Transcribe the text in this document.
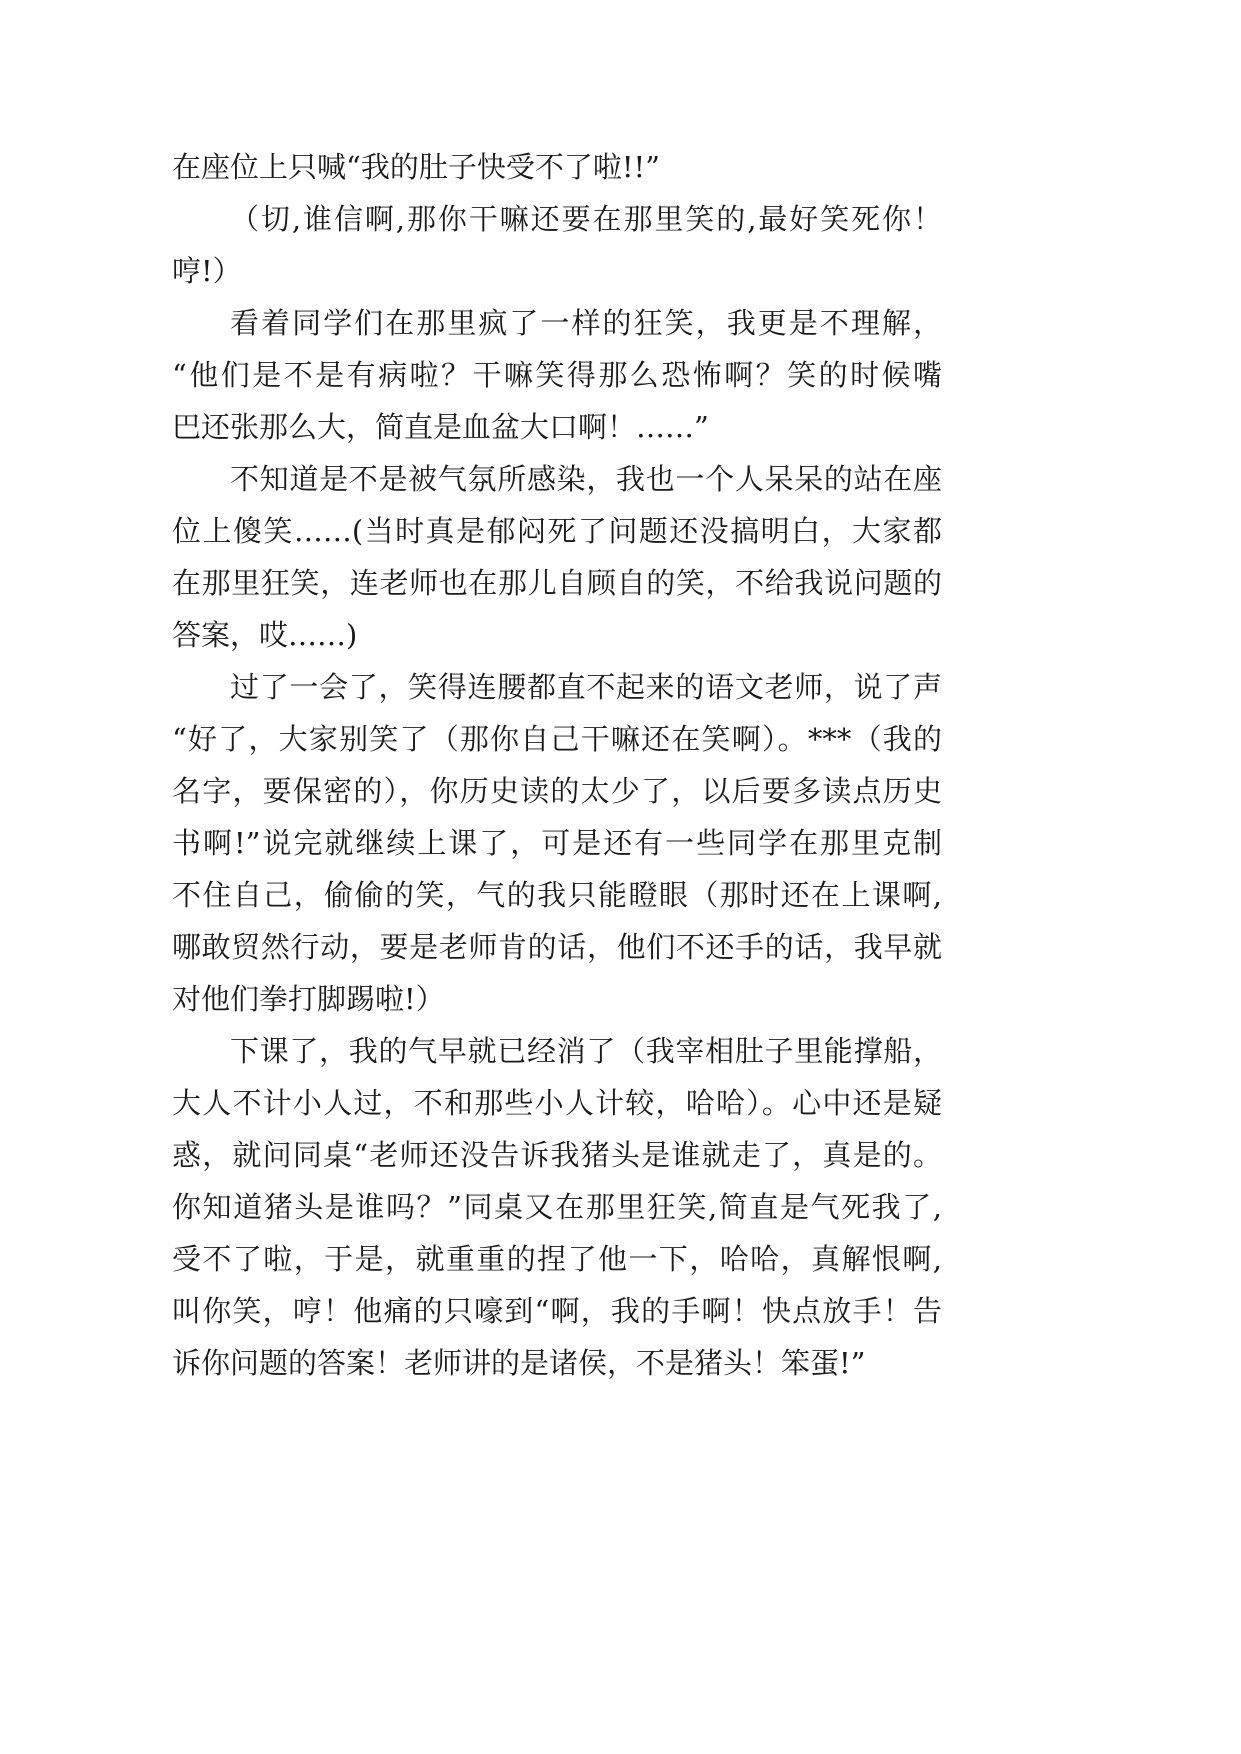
在座位上只喊“我的肚子快受不了啦!!”
（切,谁信啊,那你干嘛还要在那里笑的,最好笑死你！
哼!）
看着同学们在那里疯了一样的狂笑，我更是不理解，
“他们是不是有病啦？干嘛笑得那么恐怖啊？笑的时候嘴
巴还张那么大，简直是血盆大口啊！……”
不知道是不是被气氛所感染，我也一个人呆呆的站在座
位上傻笑……(当时真是郁闷死了问题还没搞明白，大家都
在那里狂笑，连老师也在那儿自顾自的笑，不给我说问题的
答案，哎……)
过了一会了，笑得连腰都直不起来的语文老师，说了声
“好了，大家别笑了（那你自己干嘛还在笑啊）。***（我的
名字，要保密的），你历史读的太少了，以后要多读点历史
书啊!”说完就继续上课了，可是还有一些同学在那里克制
不住自己，偷偷的笑，气的我只能瞪眼（那时还在上课啊,
哪敢贸然行动，要是老师肯的话，他们不还手的话，我早就
对他们拳打脚踢啦!）
下课了，我的气早就已经消了（我宰相肚子里能撑船，
大人不计小人过，不和那些小人计较，哈哈）。心中还是疑
惑，就问同桌“老师还没告诉我猪头是谁就走了，真是的。
你知道猪头是谁吗？”同桌又在那里狂笑,简直是气死我了,
受不了啦，于是，就重重的捏了他一下，哈哈，真解恨啊,
叫你笑，哼！他痛的只嚎到“啊，我的手啊！快点放手！告
诉你问题的答案！老师讲的是诸侯，不是猪头！笨蛋!”
